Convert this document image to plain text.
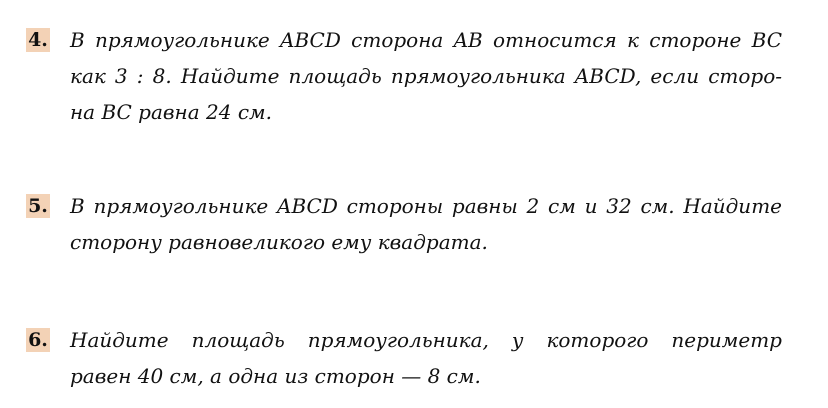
4. В прямоугольнике ABCD сторона AB относится к стороне BC
как 3 : 8. Найдите площадь прямоугольника ABCD, если сторо-
на BC равна 24 см.

5. В прямоугольнике ABCD стороны равны 2 см и 32 см. Найдите
сторону равновеликого ему квадрата.

6. Найдите площадь прямоугольника, у которого периметр
равен 40 см, а одна из сторон — 8 см.
